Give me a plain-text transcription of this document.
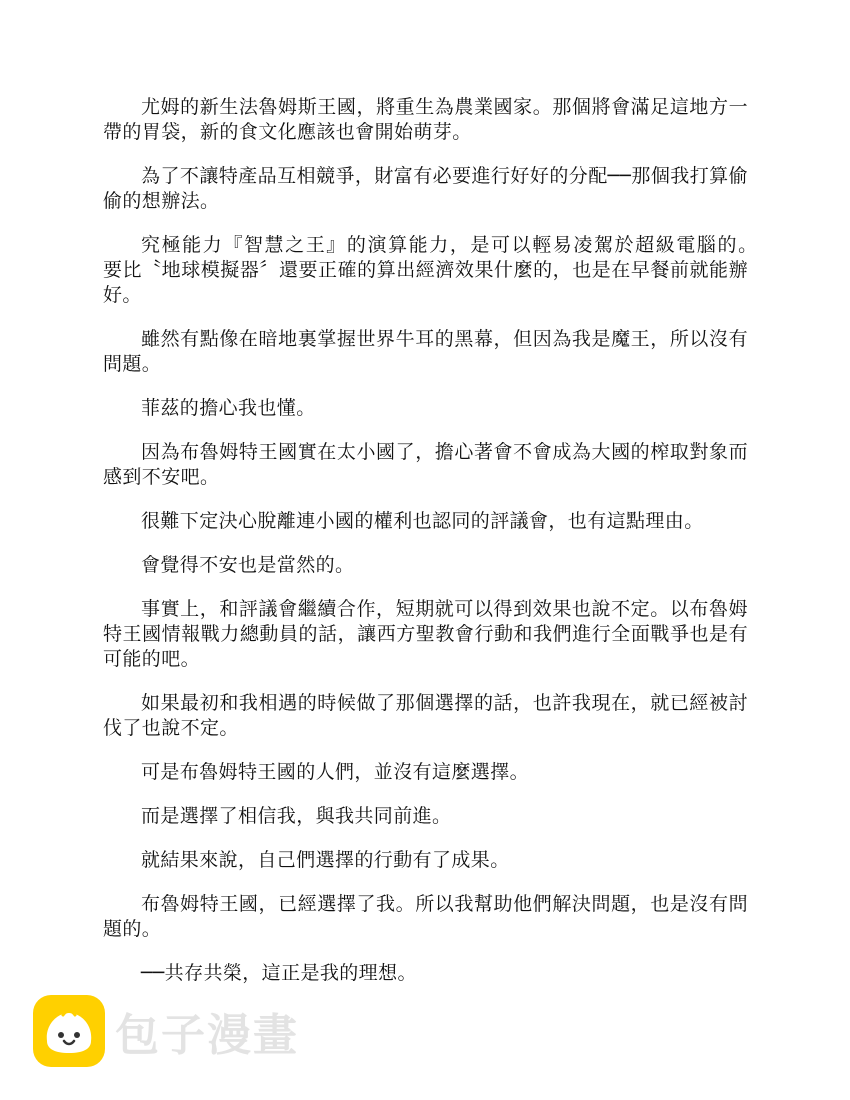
尤姆的新生法魯姆斯王國，將重生為農業國家。那個將會滿足這地方一帶的胃袋，新的食文化應該也會開始萌芽。

為了不讓特產品互相競爭，財富有必要進行好好的分配──那個我打算偷偷的想辦法。

究極能力『智慧之王』的演算能力，是可以輕易凌駕於超級電腦的。　要比〝地球模擬器〞還要正確的算出經濟效果什麼的，也是在早餐前就能辦好。

雖然有點像在暗地裏掌握世界牛耳的黑幕，但因為我是魔王，所以沒有問題。

菲茲的擔心我也懂。

因為布魯姆特王國實在太小國了，擔心著會不會成為大國的榨取對象而感到不安吧。

很難下定決心脫離連小國的權利也認同的評議會，也有這點理由。

會覺得不安也是當然的。

事實上，和評議會繼續合作，短期就可以得到效果也說不定。以布魯姆特王國情報戰力總動員的話，讓西方聖教會行動和我們進行全面戰爭也是有可能的吧。

如果最初和我相遇的時候做了那個選擇的話，也許我現在，就已經被討伐了也說不定。

可是布魯姆特王國的人們，並沒有這麼選擇。

而是選擇了相信我，與我共同前進。

就結果來說，自己們選擇的行動有了成果。

布魯姆特王國，已經選擇了我。所以我幫助他們解決問題，也是沒有問題的。

──共存共榮，這正是我的理想。

包子漫畫
